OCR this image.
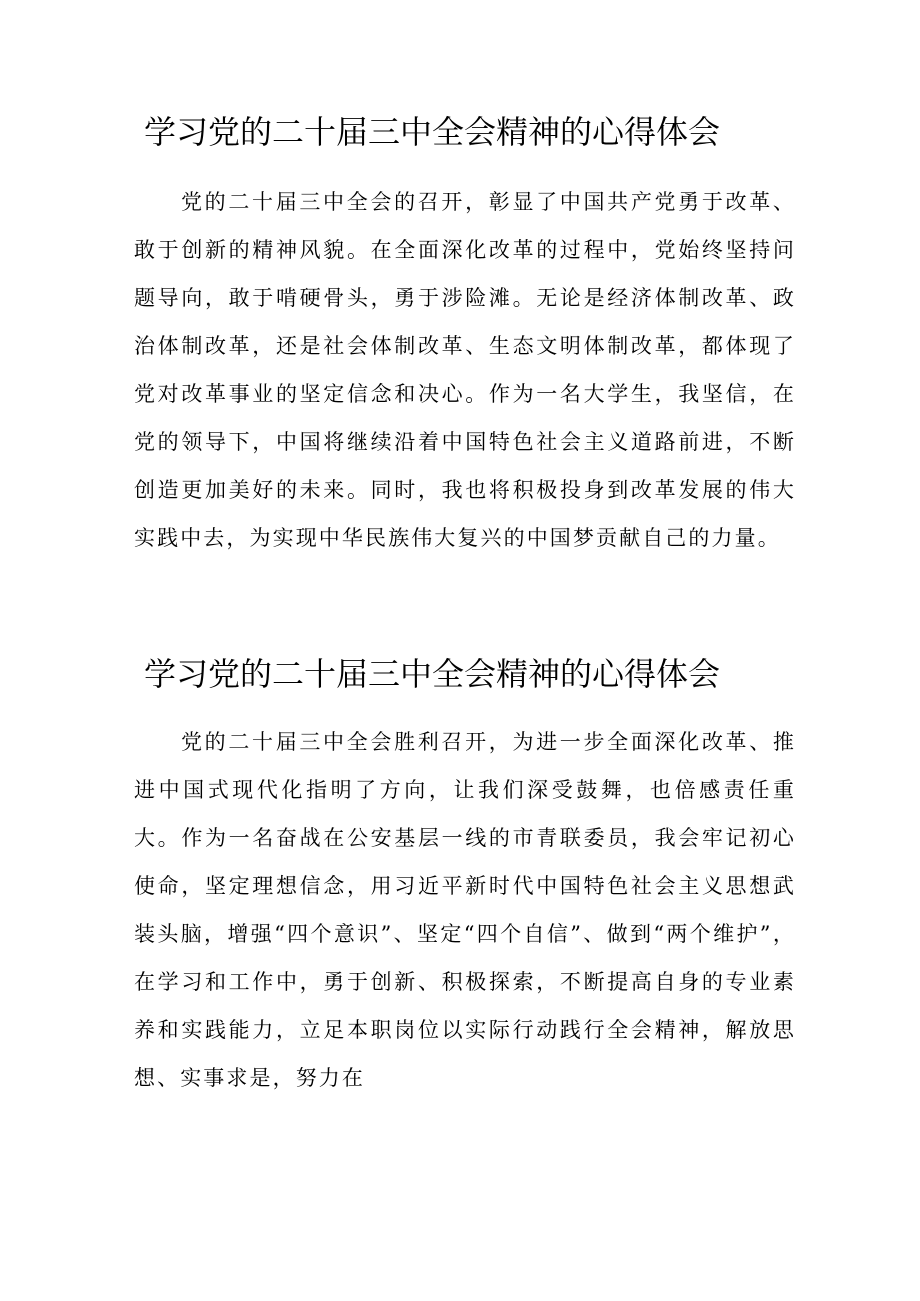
学习党的二十届三中全会精神的心得体会

党的二十届三中全会的召开，彰显了中国共产党勇于改革、敢于创新的精神风貌。在全面深化改革的过程中，党始终坚持问题导向，敢于啃硬骨头，勇于涉险滩。无论是经济体制改革、政治体制改革，还是社会体制改革、生态文明体制改革，都体现了党对改革事业的坚定信念和决心。作为一名大学生，我坚信，在党的领导下，中国将继续沿着中国特色社会主义道路前进，不断创造更加美好的未来。同时，我也将积极投身到改革发展的伟大实践中去，为实现中华民族伟大复兴的中国梦贡献自己的力量。

学习党的二十届三中全会精神的心得体会

党的二十届三中全会胜利召开，为进一步全面深化改革、推进中国式现代化指明了方向，让我们深受鼓舞，也倍感责任重大。作为一名奋战在公安基层一线的市青联委员，我会牢记初心使命，坚定理想信念，用习近平新时代中国特色社会主义思想武装头脑，增强“四个意识”、坚定“四个自信”、做到“两个维护”，在学习和工作中，勇于创新、积极探索，不断提高自身的专业素养和实践能力，立足本职岗位以实际行动践行全会精神，解放思想、实事求是，努力在
